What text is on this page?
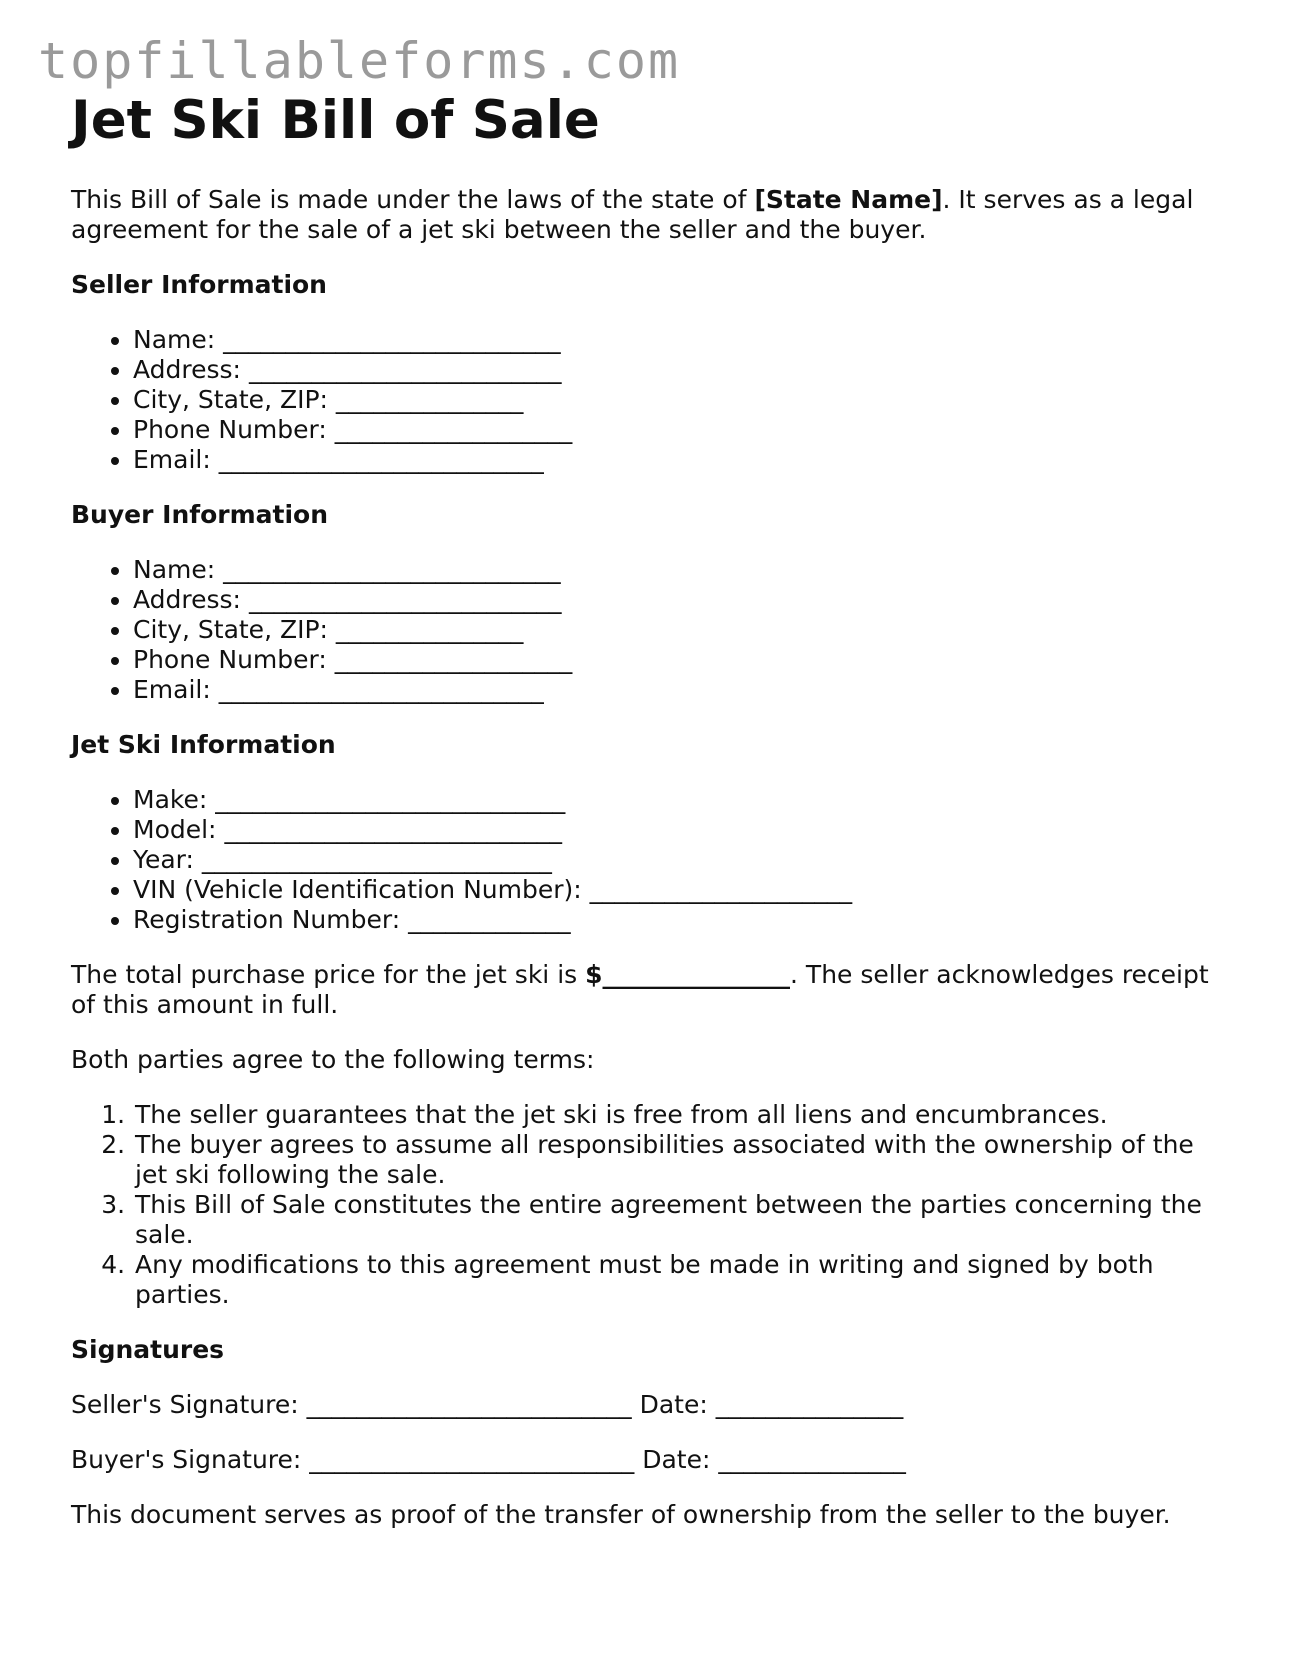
topfillableforms.com
Jet Ski Bill of Sale

This Bill of Sale is made under the laws of the state of [State Name]. It serves as a legal agreement for the sale of a jet ski between the seller and the buyer.

Seller Information
• Name: ___________________________
• Address: _________________________
• City, State, ZIP: _______________
• Phone Number: ___________________
• Email: __________________________
Buyer Information
• Name: ___________________________
• Address: _________________________
• City, State, ZIP: _______________
• Phone Number: ___________________
• Email: __________________________
Jet Ski Information
• Make: ____________________________
• Model: ___________________________
• Year: ____________________________
• VIN (Vehicle Identification Number): _____________________
• Registration Number: _____________

The total purchase price for the jet ski is $_______________. The seller acknowledges receipt of this amount in full.

Both parties agree to the following terms:

1. The seller guarantees that the jet ski is free from all liens and encumbrances.
2. The buyer agrees to assume all responsibilities associated with the ownership of the jet ski following the sale.
3. This Bill of Sale constitutes the entire agreement between the parties concerning the sale.
4. Any modifications to this agreement must be made in writing and signed by both parties.
Signatures

Seller's Signature: __________________________ Date: _______________

Buyer's Signature: __________________________ Date: _______________

This document serves as proof of the transfer of ownership from the seller to the buyer.
